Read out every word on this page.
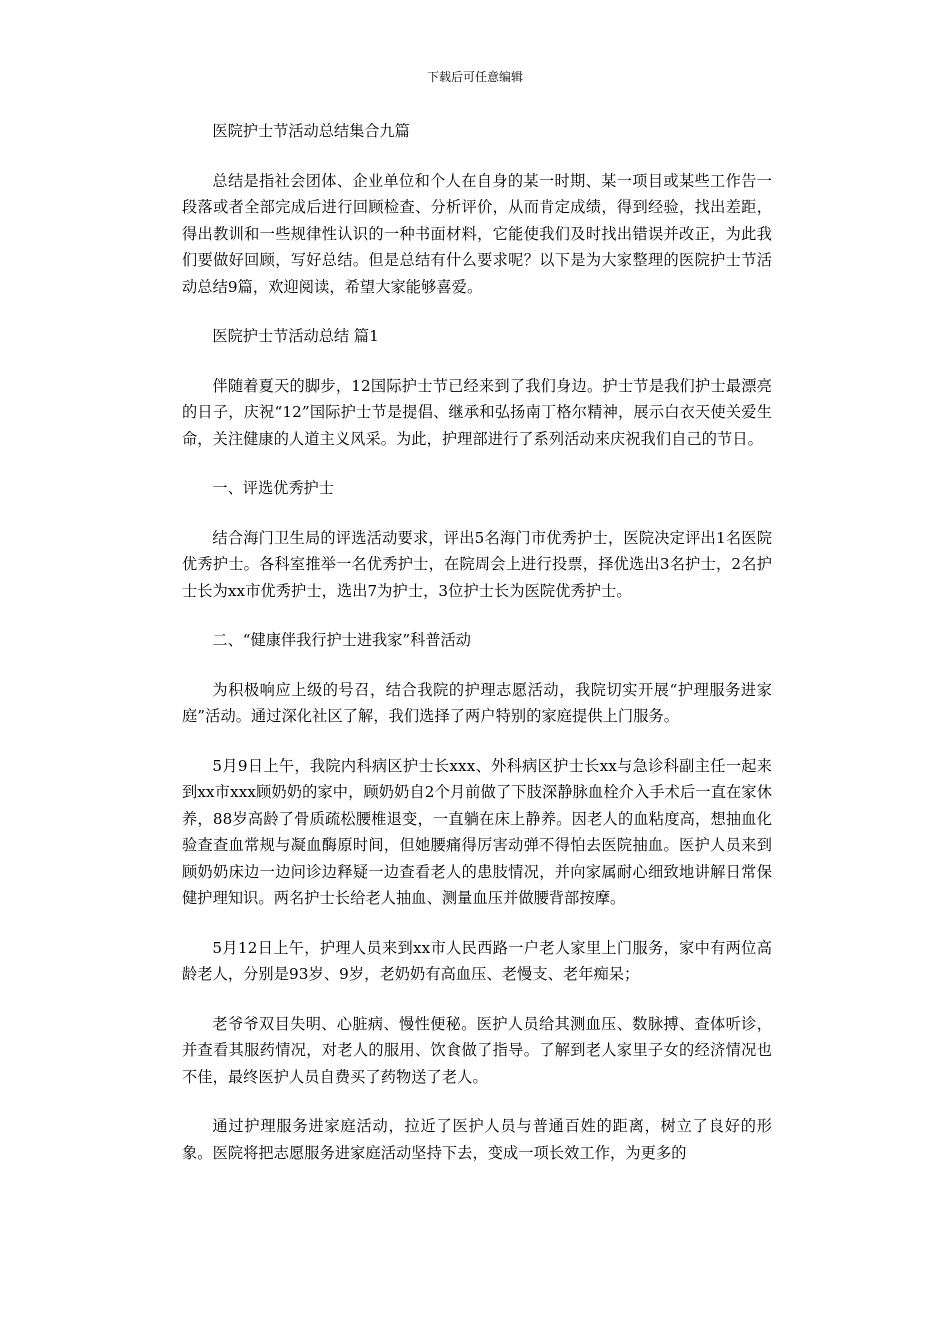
下载后可任意编辑

医院护士节活动总结集合九篇

总结是指社会团体、企业单位和个人在自身的某一时期、某一项目或某些工作告一段落或者全部完成后进行回顾检查、分析评价，从而肯定成绩，得到经验，找出差距，得出教训和一些规律性认识的一种书面材料，它能使我们及时找出错误并改正，为此我们要做好回顾，写好总结。但是总结有什么要求呢？以下是为大家整理的医院护士节活动总结9篇，欢迎阅读，希望大家能够喜爱。

医院护士节活动总结 篇1

伴随着夏天的脚步，12国际护士节已经来到了我们身边。护士节是我们护士最漂亮的日子，庆祝“12”国际护士节是提倡、继承和弘扬南丁格尔精神，展示白衣天使关爱生命，关注健康的人道主义风采。为此，护理部进行了系列活动来庆祝我们自己的节日。

一、评选优秀护士

结合海门卫生局的评选活动要求，评出5名海门市优秀护士，医院决定评出1名医院优秀护士。各科室推举一名优秀护士，在院周会上进行投票，择优选出3名护士，2名护士长为xx市优秀护士，选出7为护士，3位护士长为医院优秀护士。

二、“健康伴我行护士进我家”科普活动

为积极响应上级的号召，结合我院的护理志愿活动，我院切实开展“护理服务进家庭”活动。通过深化社区了解，我们选择了两户特别的家庭提供上门服务。

5月9日上午，我院内科病区护士长xxx、外科病区护士长xx与急诊科副主任一起来到xx市xxx顾奶奶的家中，顾奶奶自2个月前做了下肢深静脉血栓介入手术后一直在家休养，88岁高龄了骨质疏松腰椎退变，一直躺在床上静养。因老人的血粘度高，想抽血化验查查血常规与凝血酶原时间，但她腰痛得厉害动弹不得怕去医院抽血。医护人员来到顾奶奶床边一边问诊边释疑一边查看老人的患肢情况，并向家属耐心细致地讲解日常保健护理知识。两名护士长给老人抽血、测量血压并做腰背部按摩。

5月12日上午，护理人员来到xx市人民西路一户老人家里上门服务，家中有两位高龄老人，分别是93岁、9岁，老奶奶有高血压、老慢支、老年痴呆；

老爷爷双目失明、心脏病、慢性便秘。医护人员给其测血压、数脉搏、查体听诊，并查看其服药情况，对老人的服用、饮食做了指导。了解到老人家里子女的经济情况也不佳，最终医护人员自费买了药物送了老人。

通过护理服务进家庭活动，拉近了医护人员与普通百姓的距离，树立了良好的形象。医院将把志愿服务进家庭活动坚持下去，变成一项长效工作，为更多的
